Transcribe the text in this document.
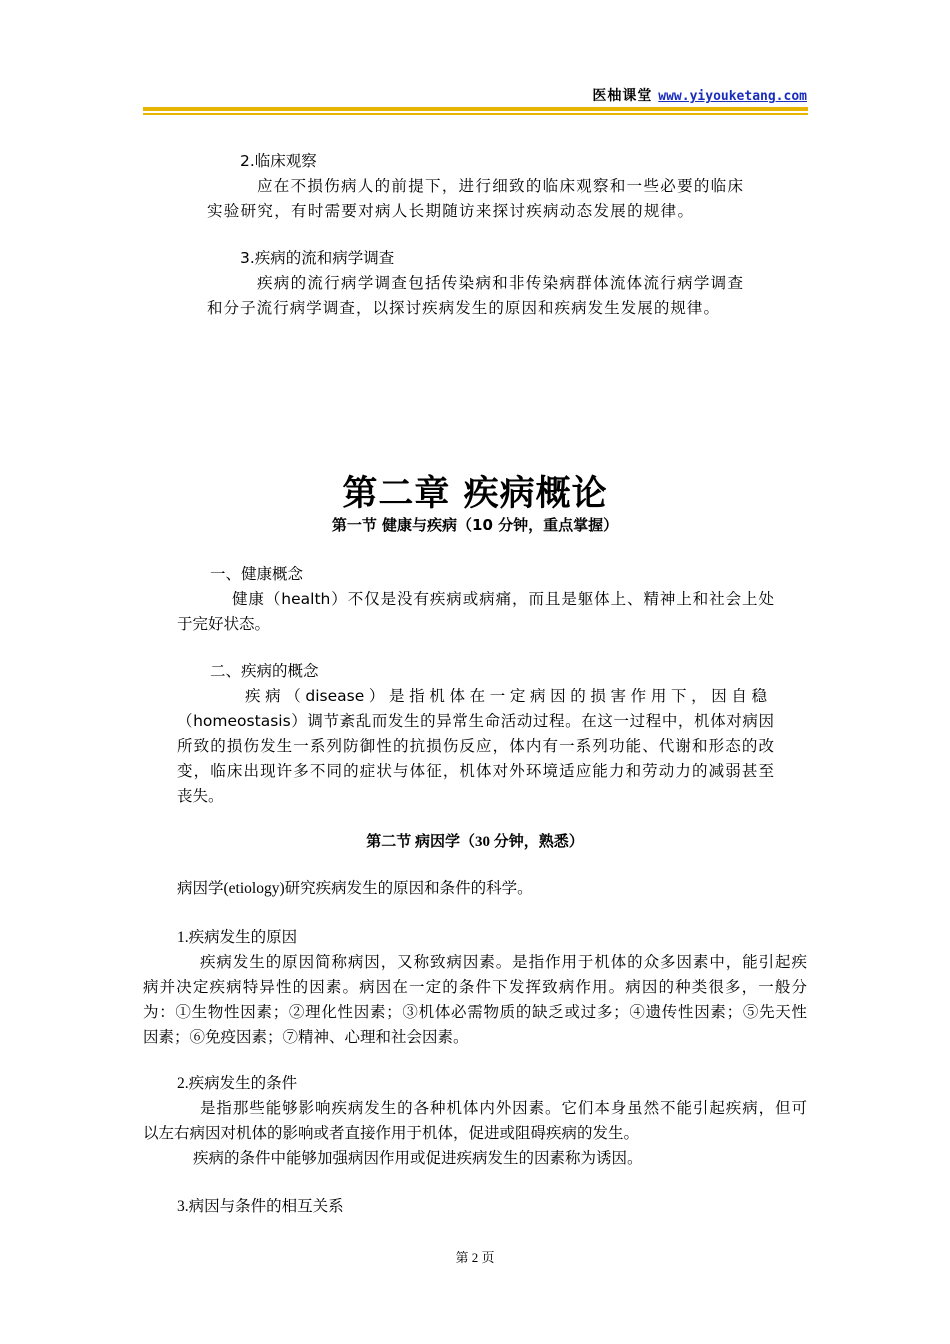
医柚课堂 www.yiyouketang.com
2.临床观察
应在不损伤病人的前提下，进行细致的临床观察和一些必要的临床
实验研究，有时需要对病人长期随访来探讨疾病动态发展的规律。
3.疾病的流和病学调查
疾病的流行病学调查包括传染病和非传染病群体流体流行病学调查
和分子流行病学调查，以探讨疾病发生的原因和疾病发生发展的规律。
第二章 疾病概论
第一节 健康与疾病（10 分钟，重点掌握）
一、健康概念
健康（health）不仅是没有疾病或病痛，而且是躯体上、精神上和社会上处
于完好状态。
二、疾病的概念
疾病（disease）是指机体在一定病因的损害作用下，因自稳
（homeostasis）调节紊乱而发生的异常生命活动过程。在这一过程中，机体对病因
所致的损伤发生一系列防御性的抗损伤反应，体内有一系列功能、代谢和形态的改
变，临床出现许多不同的症状与体征，机体对外环境适应能力和劳动力的减弱甚至
丧失。
第二节 病因学（30 分钟，熟悉）
病因学(etiology)研究疾病发生的原因和条件的科学。
1.疾病发生的原因
疾病发生的原因简称病因，又称致病因素。是指作用于机体的众多因素中，能引起疾
病并决定疾病特异性的因素。病因在一定的条件下发挥致病作用。病因的种类很多，一般分
为：①生物性因素；②理化性因素；③机体必需物质的缺乏或过多；④遗传性因素；⑤先天性
因素；⑥免疫因素；⑦精神、心理和社会因素。
2.疾病发生的条件
是指那些能够影响疾病发生的各种机体内外因素。它们本身虽然不能引起疾病，但可
以左右病因对机体的影响或者直接作用于机体，促进或阻碍疾病的发生。
疾病的条件中能够加强病因作用或促进疾病发生的因素称为诱因。
3.病因与条件的相互关系
第 2 页
